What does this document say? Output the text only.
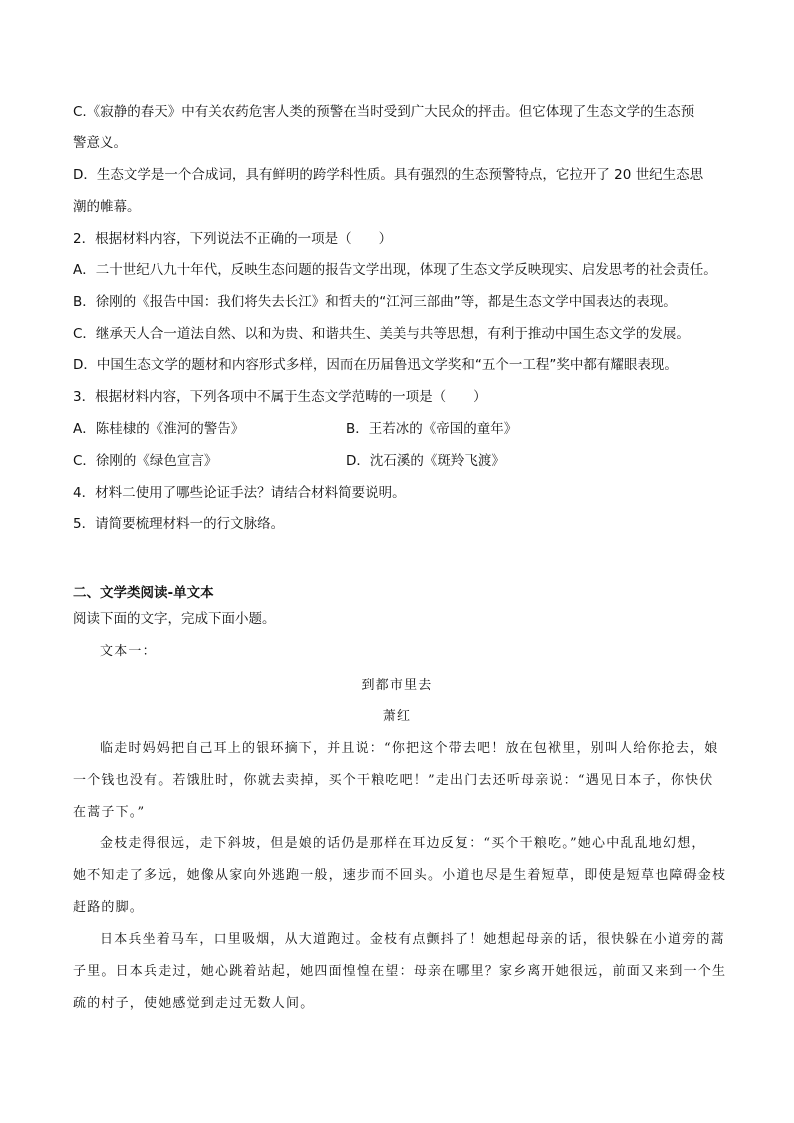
C.《寂静的春天》中有关农药危害人类的预警在当时受到广大民众的抨击。但它体现了生态文学的生态预
警意义。
D．生态文学是一个合成词，具有鲜明的跨学科性质。具有强烈的生态预警特点，它拉开了 20 世纪生态思
潮的帷幕。
2．根据材料内容，下列说法不正确的一项是（　　）
A．二十世纪八九十年代，反映生态问题的报告文学出现，体现了生态文学反映现实、启发思考的社会责任。
B．徐刚的《报告中国：我们将失去长江》和哲夫的“江河三部曲”等，都是生态文学中国表达的表现。
C．继承天人合一道法自然、以和为贵、和谐共生、美美与共等思想，有利于推动中国生态文学的发展。
D．中国生态文学的题材和内容形式多样，因而在历届鲁迅文学奖和“五个一工程”奖中都有耀眼表现。
3．根据材料内容，下列各项中不属于生态文学范畴的一项是（　　）
A．陈桂棣的《淮河的警告》	B．王若冰的《帝国的童年》
C．徐刚的《绿色宣言》	D．沈石溪的《斑羚飞渡》
4．材料二使用了哪些论证手法？请结合材料简要说明。
5．请简要梳理材料一的行文脉络。
二、文学类阅读-单文本
阅读下面的文字，完成下面小题。
文本一：
到都市里去
萧红
临走时妈妈把自己耳上的银环摘下，并且说：“你把这个带去吧！放在包袱里，别叫人给你抢去，娘
一个钱也没有。若饿肚时，你就去卖掉，买个干粮吃吧！”走出门去还听母亲说：“遇见日本子，你快伏
在蒿子下。”
金枝走得很远，走下斜坡，但是娘的话仍是那样在耳边反复：“买个干粮吃。”她心中乱乱地幻想，
她不知走了多远，她像从家向外逃跑一般，速步而不回头。小道也尽是生着短草，即使是短草也障碍金枝
赶路的脚。
日本兵坐着马车，口里吸烟，从大道跑过。金枝有点颤抖了！她想起母亲的话，很快躲在小道旁的蒿
子里。日本兵走过，她心跳着站起，她四面惶惶在望：母亲在哪里？家乡离开她很远，前面又来到一个生
疏的村子，使她感觉到走过无数人间。
